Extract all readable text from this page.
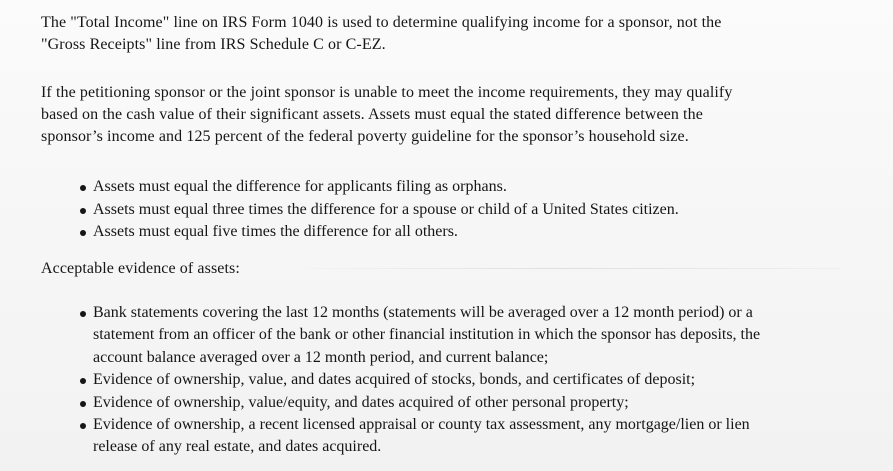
The "Total Income" line on IRS Form 1040 is used to determine qualifying income for a sponsor, not the
"Gross Receipts" line from IRS Schedule C or C-EZ.

If the petitioning sponsor or the joint sponsor is unable to meet the income requirements, they may qualify
based on the cash value of their significant assets. Assets must equal the stated difference between the
sponsor’s income and 125 percent of the federal poverty guideline for the sponsor’s household size.

Assets must equal the difference for applicants filing as orphans.
Assets must equal three times the difference for a spouse or child of a United States citizen.
Assets must equal five times the difference for all others.

Acceptable evidence of assets:

Bank statements covering the last 12 months (statements will be averaged over a 12 month period) or a
statement from an officer of the bank or other financial institution in which the sponsor has deposits, the
account balance averaged over a 12 month period, and current balance;
Evidence of ownership, value, and dates acquired of stocks, bonds, and certificates of deposit;
Evidence of ownership, value/equity, and dates acquired of other personal property;
Evidence of ownership, a recent licensed appraisal or county tax assessment, any mortgage/lien or lien
release of any real estate, and dates acquired.
